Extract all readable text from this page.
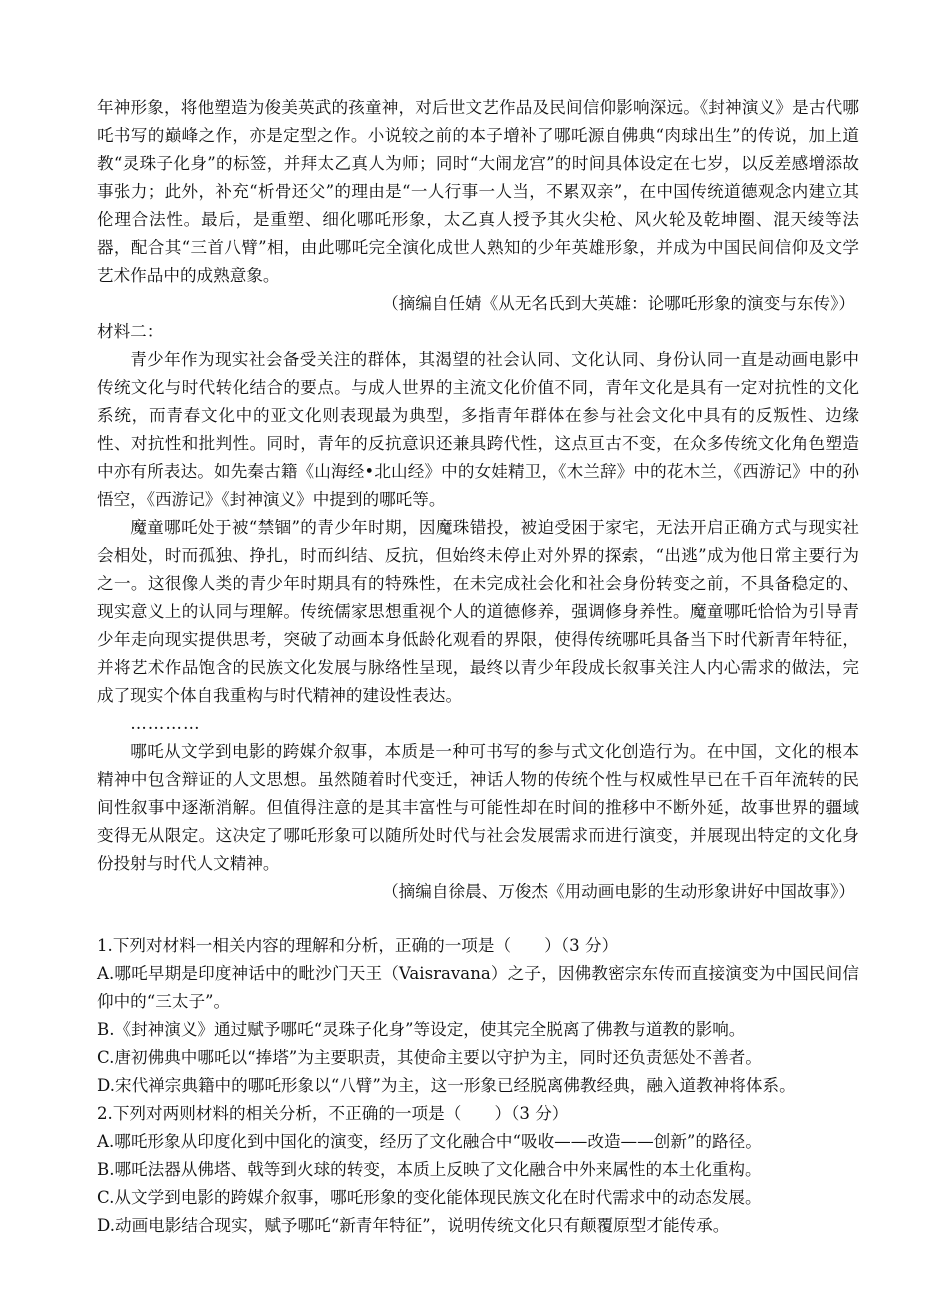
年神形象，将他塑造为俊美英武的孩童神，对后世文艺作品及民间信仰影响深远。《封神演义》是古代哪吒书写的巅峰之作，亦是定型之作。小说较之前的本子增补了哪吒源自佛典“肉球出生”的传说，加上道教“灵珠子化身”的标签，并拜太乙真人为师；同时“大闹龙宫”的时间具体设定在七岁，以反差感增添故事张力；此外，补充“析骨还父”的理由是“一人行事一人当，不累双亲”，在中国传统道德观念内建立其伦理合法性。最后，是重塑、细化哪吒形象，太乙真人授予其火尖枪、风火轮及乾坤圈、混天绫等法器，配合其“三首八臂”相，由此哪吒完全演化成世人熟知的少年英雄形象，并成为中国民间信仰及文学艺术作品中的成熟意象。

（摘编自任婧《从无名氏到大英雄：论哪吒形象的演变与东传》）

材料二：

青少年作为现实社会备受关注的群体，其渴望的社会认同、文化认同、身份认同一直是动画电影中传统文化与时代转化结合的要点。与成人世界的主流文化价值不同，青年文化是具有一定对抗性的文化系统，而青春文化中的亚文化则表现最为典型，多指青年群体在参与社会文化中具有的反叛性、边缘性、对抗性和批判性。同时，青年的反抗意识还兼具跨代性，这点亘古不变，在众多传统文化角色塑造中亦有所表达。如先秦古籍《山海经•北山经》中的女娃精卫，《木兰辞》中的花木兰，《西游记》中的孙悟空，《西游记》《封神演义》中提到的哪吒等。

魔童哪吒处于被“禁锢”的青少年时期，因魔珠错投，被迫受困于家宅，无法开启正确方式与现实社会相处，时而孤独、挣扎，时而纠结、反抗，但始终未停止对外界的探索，“出逃”成为他日常主要行为之一。这很像人类的青少年时期具有的特殊性，在未完成社会化和社会身份转变之前，不具备稳定的、现实意义上的认同与理解。传统儒家思想重视个人的道德修养，强调修身养性。魔童哪吒恰恰为引导青少年走向现实提供思考，突破了动画本身低龄化观看的界限，使得传统哪吒具备当下时代新青年特征，并将艺术作品饱含的民族文化发展与脉络性呈现，最终以青少年段成长叙事关注人内心需求的做法，完成了现实个体自我重构与时代精神的建设性表达。

…………

哪吒从文学到电影的跨媒介叙事，本质是一种可书写的参与式文化创造行为。在中国，文化的根本精神中包含辩证的人文思想。虽然随着时代变迁，神话人物的传统个性与权威性早已在千百年流转的民间性叙事中逐渐消解。但值得注意的是其丰富性与可能性却在时间的推移中不断外延，故事世界的疆域变得无从限定。这决定了哪吒形象可以随所处时代与社会发展需求而进行演变，并展现出特定的文化身份投射与时代人文精神。

（摘编自徐晨、万俊杰《用动画电影的生动形象讲好中国故事》）

1.下列对材料一相关内容的理解和分析，正确的一项是（　　）（3 分）

A.哪吒早期是印度神话中的毗沙门天王（Vaisravana）之子，因佛教密宗东传而直接演变为中国民间信仰中的“三太子”。

B.《封神演义》通过赋予哪吒“灵珠子化身”等设定，使其完全脱离了佛教与道教的影响。

C.唐初佛典中哪吒以“捧塔”为主要职责，其使命主要以守护为主，同时还负责惩处不善者。

D.宋代禅宗典籍中的哪吒形象以“八臂”为主，这一形象已经脱离佛教经典，融入道教神将体系。

2.下列对两则材料的相关分析，不正确的一项是（　　）（3 分）

A.哪吒形象从印度化到中国化的演变，经历了文化融合中“吸收——改造——创新”的路径。

B.哪吒法器从佛塔、戟等到火球的转变，本质上反映了文化融合中外来属性的本土化重构。

C.从文学到电影的跨媒介叙事，哪吒形象的变化能体现民族文化在时代需求中的动态发展。

D.动画电影结合现实，赋予哪吒“新青年特征”，说明传统文化只有颠覆原型才能传承。
